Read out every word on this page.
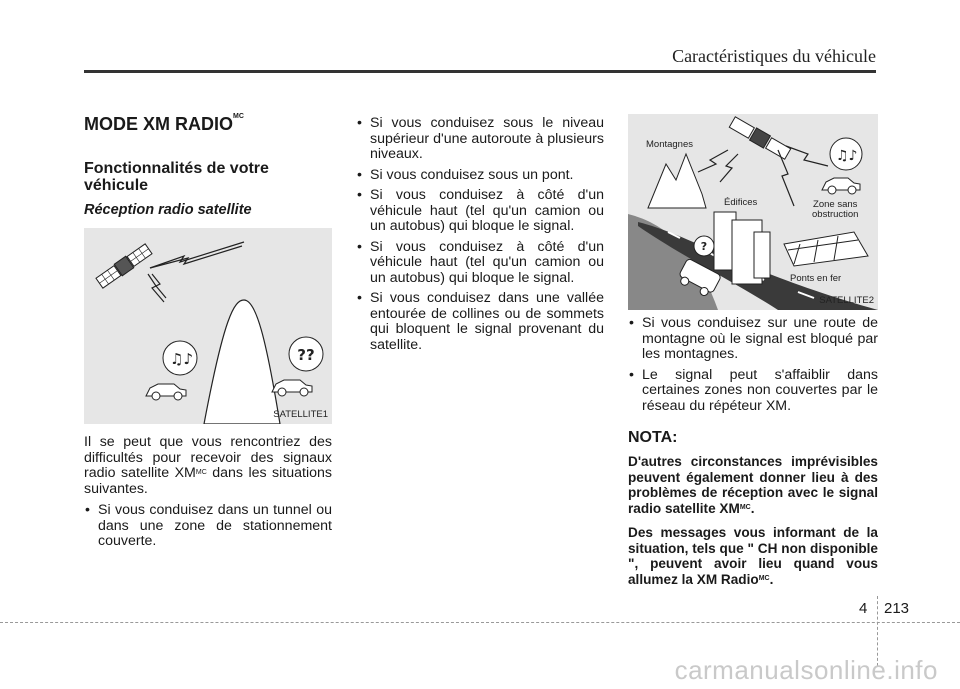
Caractéristiques du véhicule
MODE XM $RADIO^{MC}$
Fonctionnalités de votre véhicule
Réception radio satellite
♫♪	??
SATELLITE1

Il se peut que vous rencontriez des difficultés pour recevoir des signaux radio satellite $XM^{MC}$ dans les situations suivantes.

• Si vous conduisez dans un tunnel ou dans une zone de stationnement couverte.
• Si vous conduisez sous le niveau supérieur d'une autoroute à plusieurs niveaux.
• Si vous conduisez sous un pont.
• Si vous conduisez à côté d'un véhicule haut (tel qu'un camion ou un autobus) qui bloque le signal.
• Si vous conduisez à côté d'un véhicule haut (tel qu'un camion ou un autobus) qui bloque le signal.
• Si vous conduisez dans une vallée entourée de collines ou de sommets qui bloquent le signal provenant du satellite.
♫♪
?
Montagnes
Édifices	Zone sans
obstruction
Ponts en fer
SATELLITE2
• Si vous conduisez sur une route de montagne où le signal est bloqué par les montagnes.
• Le signal peut s'affaiblir dans certaines zones non couvertes par le réseau du répéteur XM.
NOTA:

D'autres circonstances imprévisibles peuvent également donner lieu à des problèmes de réception avec le signal radio satellite $XM^{MC}$.

Des messages vous informant de la situation, tels que " CH non disponible ", peuvent avoir lieu quand vous allumez la XM Radio$^{MC}$.

4 213
carmanualsonline.info
